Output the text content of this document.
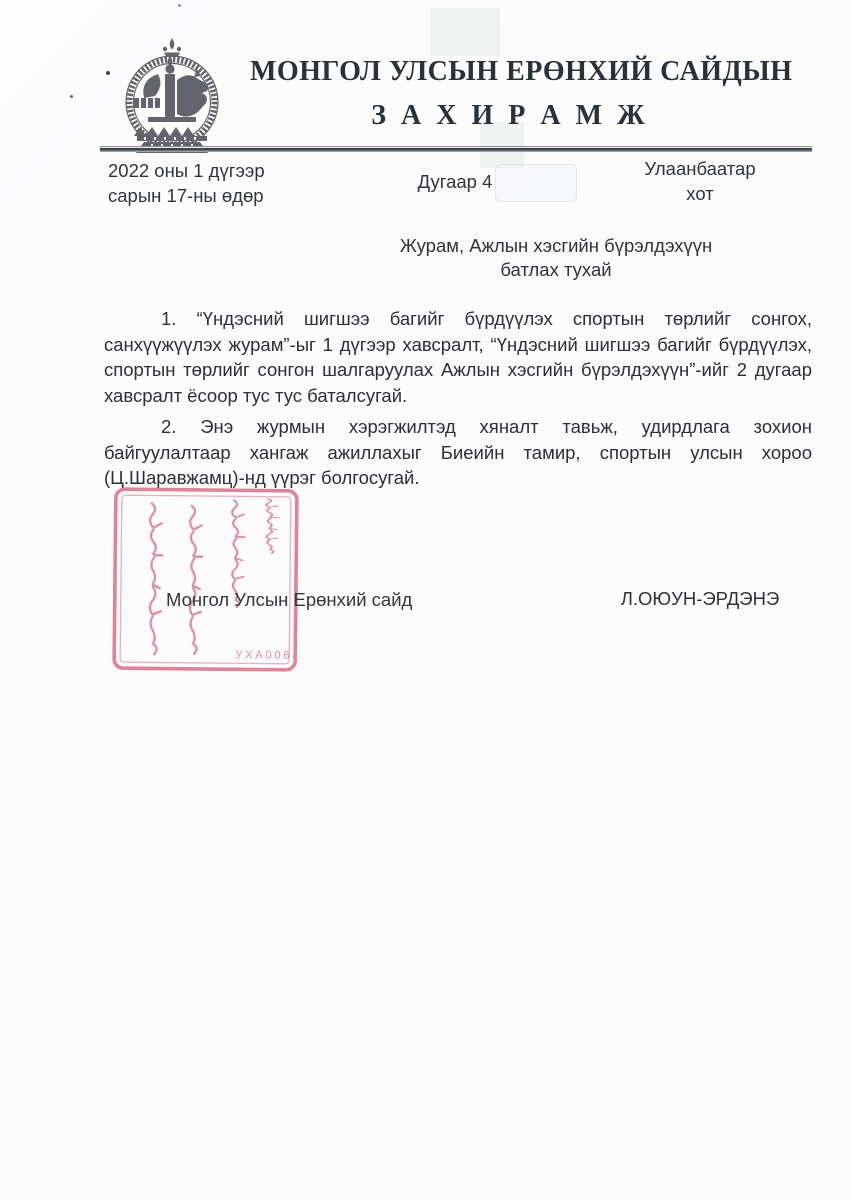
МОНГОЛ УЛСЫН ЕРӨНХИЙ САЙДЫН
З А Х И Р А М Ж
2022 оны 1 дүгээр
сарын 17-ны өдөр
Дугаар 4
Улаанбаатар
хот
Журам, Ажлын хэсгийн бүрэлдэхүүн
батлах тухай

1. “Үндэсний шигшээ багийг бүрдүүлэх спортын төрлийг сонгох, санхүүжүүлэх журам”-ыг 1 дүгээр хавсралт, “Үндэсний шигшээ багийг бүрдүүлэх, спортын төрлийг сонгон шалгаруулах Ажлын хэсгийн бүрэлдэхүүн”-ийг 2 дугаар хавсралт ёсоор тус тус баталсугай.

2. Энэ журмын хэрэгжилтэд хяналт тавьж, удирдлага зохион байгуулалтаар хангаж ажиллахыг Биеийн тамир, спортын улсын хороо (Ц.Шаравжамц)-нд үүрэг болгосугай.

УХА0064
Монгол Улсын Ерөнхий сайд	Л.ОЮУН-ЭРДЭНЭ
